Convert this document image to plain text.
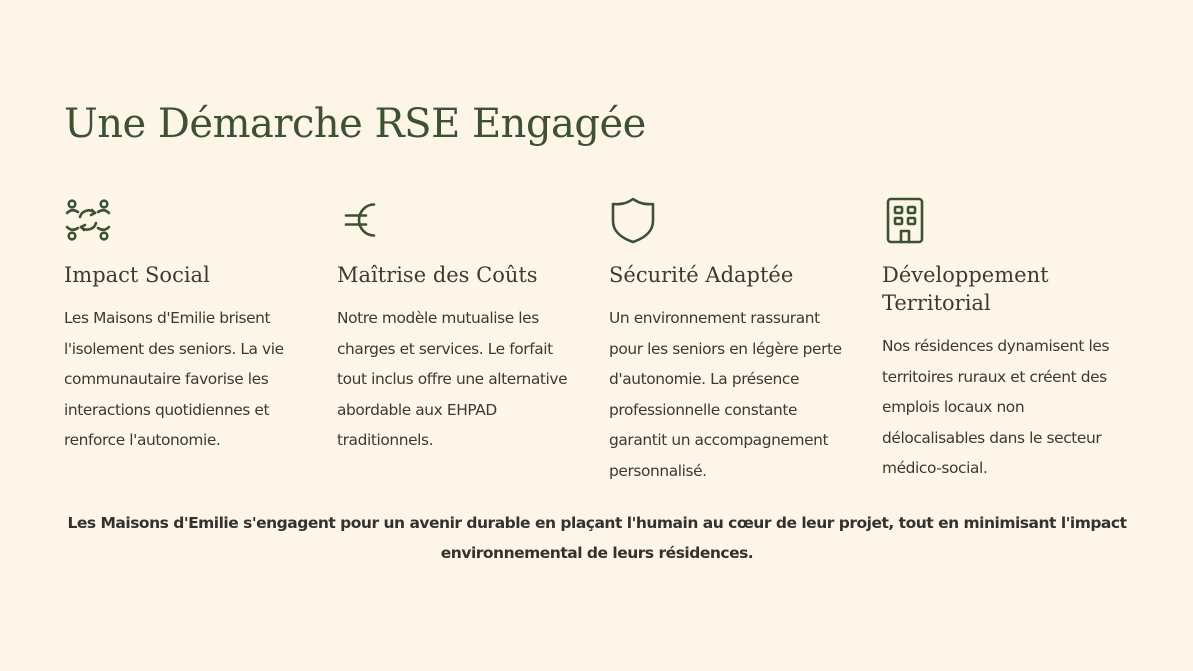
Une Démarche RSE Engagée
Impact Social

Les Maisons d'Emilie brisent l'isolement des seniors. La vie communautaire favorise les interactions quotidiennes et renforce l'autonomie.

Maîtrise des Coûts

Notre modèle mutualise les charges et services. Le forfait tout inclus offre une alternative abordable aux EHPAD traditionnels.

Sécurité Adaptée

Un environnement rassurant pour les seniors en légère perte d'autonomie. La présence professionnelle constante garantit un accompagnement personnalisé.

Développement Territorial

Nos résidences dynamisent les territoires ruraux et créent des emplois locaux non délocalisables dans le secteur médico-social.

Les Maisons d'Emilie s'engagent pour un avenir durable en plaçant l'humain au cœur de leur projet, tout en minimisant l'impact environnemental de leurs résidences.
